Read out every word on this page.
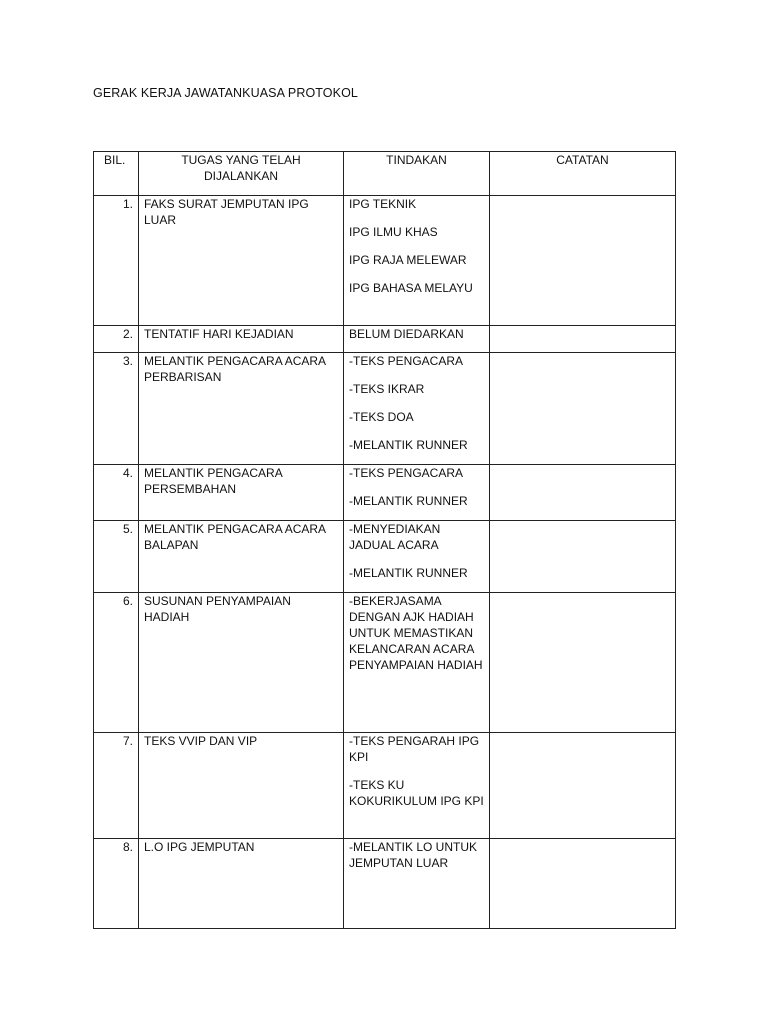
GERAK KERJA JAWATANKUASA PROTOKOL
BIL.	TUGAS YANG TELAH DIJALANKAN	TINDAKAN	CATATAN
1.	FAKS SURAT JEMPUTAN IPG LUAR	IPG TEKNIK
IPG ILMU KHAS
IPG RAJA MELEWAR
IPG BAHASA MELAYU	

2.	TENTATIF HARI KEJADIAN	BELUM DIEDARKAN	

3.	MELANTIK PENGACARA ACARA PERBARISAN	-TEKS PENGACARA
-TEKS IKRAR
-TEKS DOA
-MELANTIK RUNNER	

4.	MELANTIK PENGACARA PERSEMBAHAN	-TEKS PENGACARA
-MELANTIK RUNNER	

5.	MELANTIK PENGACARA ACARA BALAPAN	-MENYEDIAKAN JADUAL ACARA
-MELANTIK RUNNER	

6.	SUSUNAN PENYAMPAIAN HADIAH	-BEKERJASAMA DENGAN AJK HADIAH UNTUK MEMASTIKAN KELANCARAN ACARA PENYAMPAIAN HADIAH	

7.	TEKS VVIP DAN VIP	-TEKS PENGARAH IPG KPI
-TEKS KU KOKURIKULUM IPG KPI	

8.	L.O IPG JEMPUTAN	-MELANTIK LO UNTUK JEMPUTAN LUAR	
